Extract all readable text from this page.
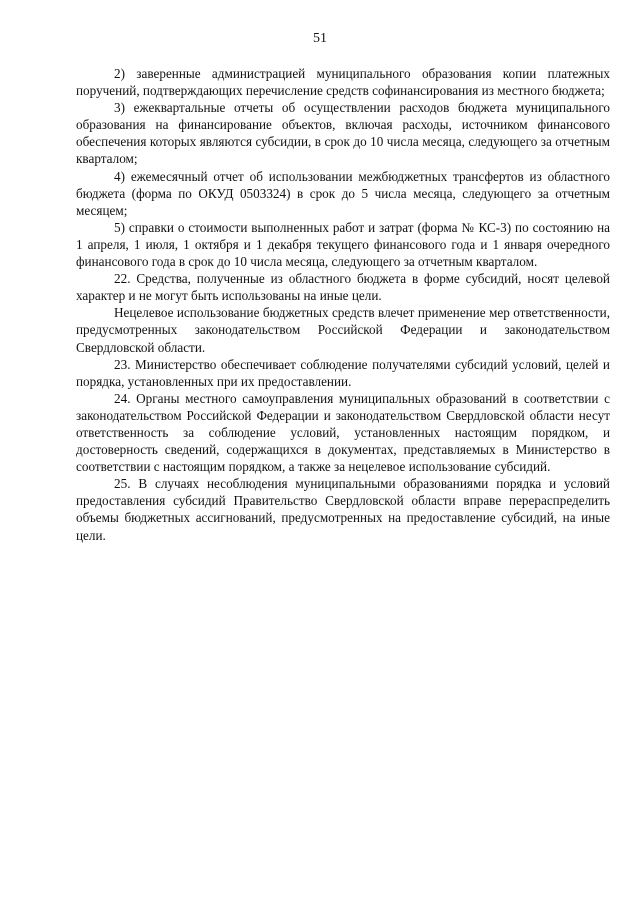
51

2) заверенные администрацией муниципального образования копии платежных поручений, подтверждающих перечисление средств софинансирования из местного бюджета;

3) ежеквартальные отчеты об осуществлении расходов бюджета муниципального образования на финансирование объектов, включая расходы, источником финансового обеспечения которых являются субсидии, в срок до 10 числа месяца, следующего за отчетным кварталом;

4) ежемесячный отчет об использовании межбюджетных трансфертов из областного бюджета (форма по ОКУД 0503324) в срок до 5 числа месяца, следующего за отчетным месяцем;

5) справки о стоимости выполненных работ и затрат (форма № КС-3) по состоянию на 1 апреля, 1 июля, 1 октября и 1 декабря текущего финансового года и 1 января очередного финансового года в срок до 10 числа месяца, следующего за отчетным кварталом.

22. Средства, полученные из областного бюджета в форме субсидий, носят целевой характер и не могут быть использованы на иные цели.

Нецелевое использование бюджетных средств влечет применение мер ответственности, предусмотренных законодательством Российской Федерации и законодательством Свердловской области.

23. Министерство обеспечивает соблюдение получателями субсидий условий, целей и порядка, установленных при их предоставлении.

24. Органы местного самоуправления муниципальных образований в соответствии с законодательством Российской Федерации и законодательством Свердловской области несут ответственность за соблюдение условий, установленных настоящим порядком, и достоверность сведений, содержащихся в документах, представляемых в Министерство в соответствии с настоящим порядком, а также за нецелевое использование субсидий.

25. В случаях несоблюдения муниципальными образованиями порядка и условий предоставления субсидий Правительство Свердловской области вправе перераспределить объемы бюджетных ассигнований, предусмотренных на предоставление субсидий, на иные цели.
